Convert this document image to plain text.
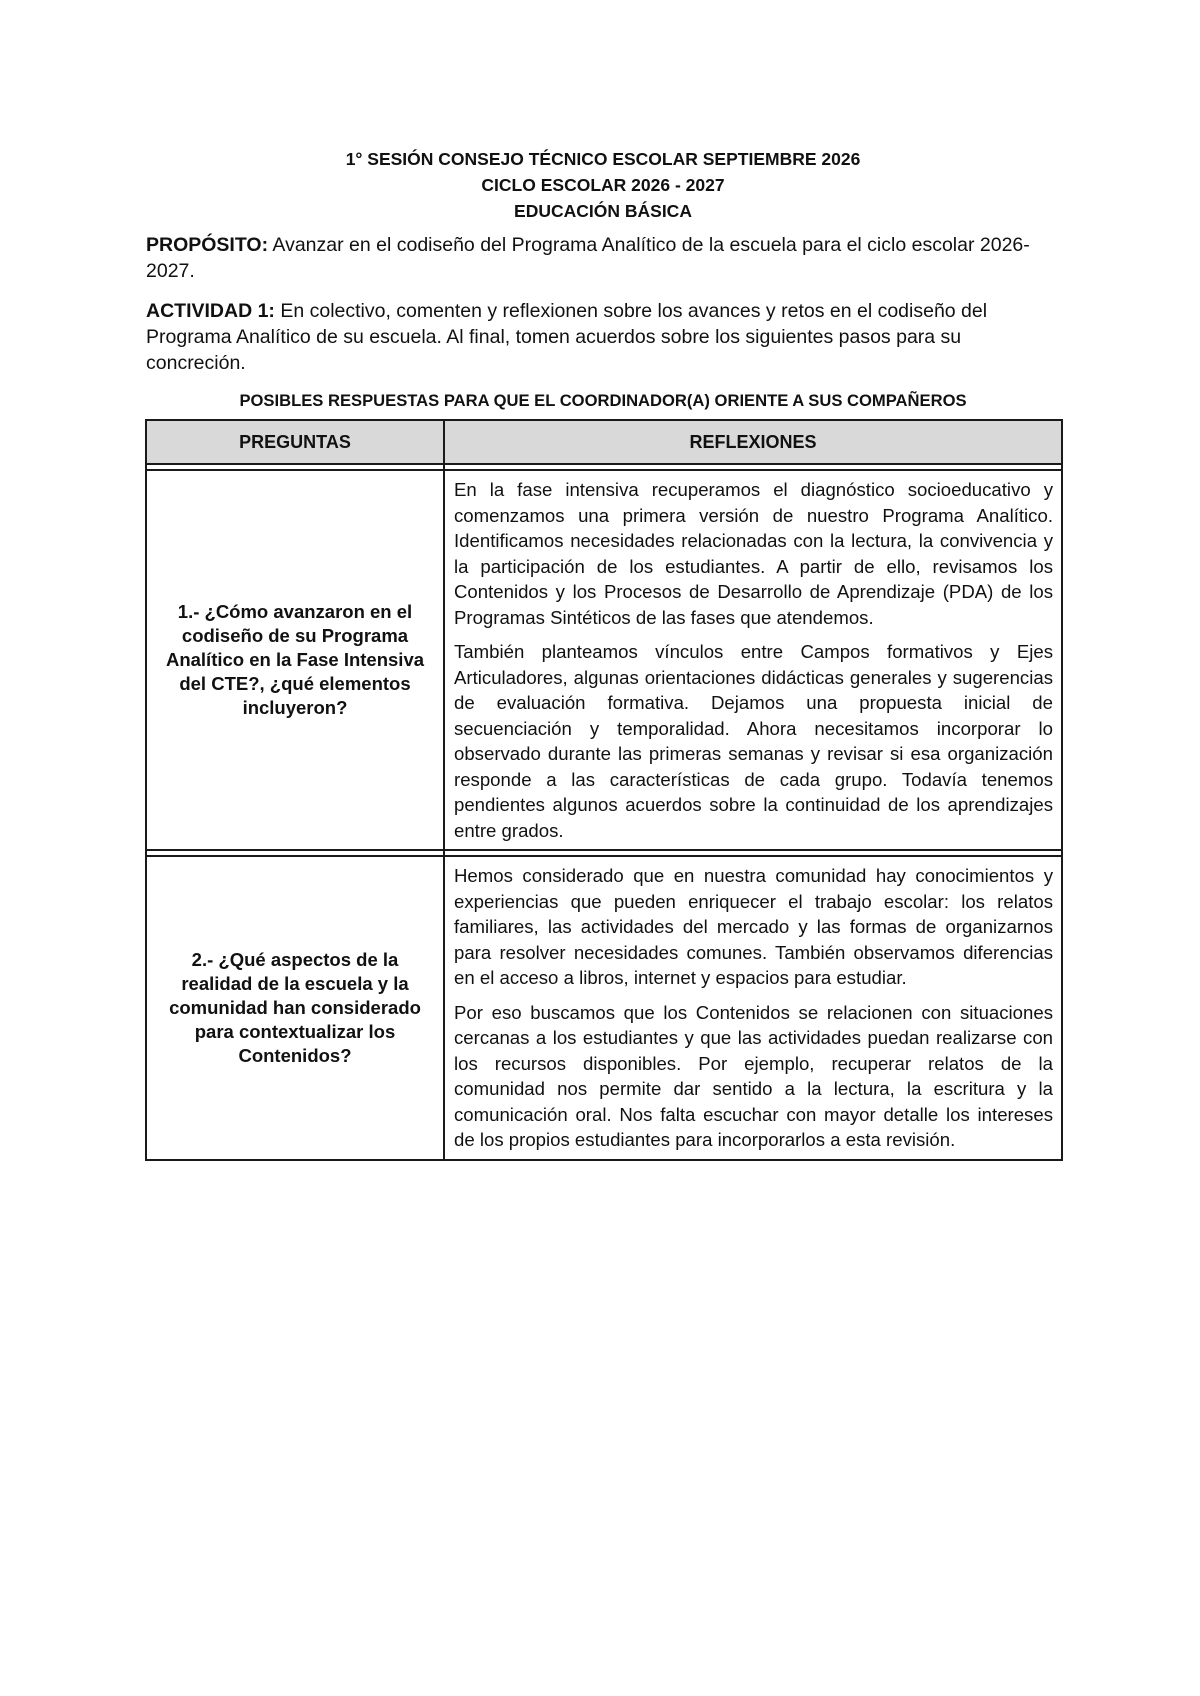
1° SESIÓN CONSEJO TÉCNICO ESCOLAR SEPTIEMBRE 2026
CICLO ESCOLAR 2026 - 2027
EDUCACIÓN BÁSICA

PROPÓSITO: Avanzar en el codiseño del Programa Analítico de la escuela para el ciclo escolar 2026-2027.

ACTIVIDAD 1: En colectivo, comenten y reflexionen sobre los avances y retos en el codiseño del Programa Analítico de su escuela. Al final, tomen acuerdos sobre los siguientes pasos para su concreción.

POSIBLES RESPUESTAS PARA QUE EL COORDINADOR(A) ORIENTE A SUS COMPAÑEROS
PREGUNTAS	REFLEXIONES

1.- ¿Cómo avanzaron en el codiseño de su Programa Analítico en la Fase Intensiva del CTE?, ¿qué elementos incluyeron?	En la fase intensiva recuperamos el diagnóstico socioeducativo y comenzamos una primera versión de nuestro Programa Analítico. Identificamos necesidades relacionadas con la lectura, la convivencia y la participación de los estudiantes. A partir de ello, revisamos los Contenidos y los Procesos de Desarrollo de Aprendizaje (PDA) de los Programas Sintéticos de las fases que atendemos.

También planteamos vínculos entre Campos formativos y Ejes Articuladores, algunas orientaciones didácticas generales y sugerencias de evaluación formativa. Dejamos una propuesta inicial de secuenciación y temporalidad. Ahora necesitamos incorporar lo observado durante las primeras semanas y revisar si esa organización responde a las características de cada grupo. Todavía tenemos pendientes algunos acuerdos sobre la continuidad de los aprendizajes entre grados.

2.- ¿Qué aspectos de la realidad de la escuela y la comunidad han considerado para contextualizar los Contenidos?	Hemos considerado que en nuestra comunidad hay conocimientos y experiencias que pueden enriquecer el trabajo escolar: los relatos familiares, las actividades del mercado y las formas de organizarnos para resolver necesidades comunes. También observamos diferencias en el acceso a libros, internet y espacios para estudiar.

Por eso buscamos que los Contenidos se relacionen con situaciones cercanas a los estudiantes y que las actividades puedan realizarse con los recursos disponibles. Por ejemplo, recuperar relatos de la comunidad nos permite dar sentido a la lectura, la escritura y la comunicación oral. Nos falta escuchar con mayor detalle los intereses de los propios estudiantes para incorporarlos a esta revisión.
